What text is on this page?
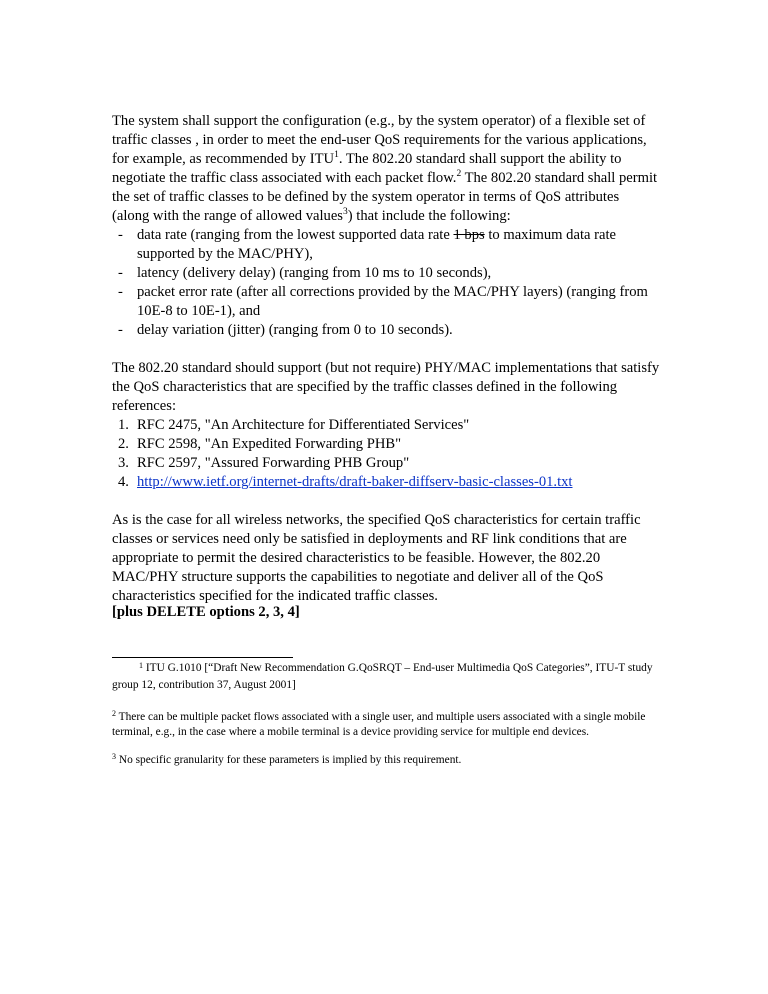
The system shall support the configuration (e.g., by the system operator) of a flexible set of traffic classes , in order to meet the end-user QoS requirements for the various applications, for example, as recommended by ITU$^1$. The 802.20 standard shall support the ability to negotiate the traffic class associated with each packet flow.$^2$ The 802.20 standard shall permit the set of traffic classes to be defined by the system operator in terms of QoS attributes (along with the range of allowed values$^3$) that include the following:

- data rate (ranging from the lowest supported data rate 1 bps to maximum data rate supported by the MAC/PHY),
- latency (delivery delay) (ranging from 10 ms to 10 seconds),
- packet error rate (after all corrections provided by the MAC/PHY layers) (ranging from 10E-8 to 10E-1), and
- delay variation (jitter) (ranging from 0 to 10 seconds).

The 802.20 standard should support (but not require) PHY/MAC implementations that satisfy the QoS characteristics that are specified by the traffic classes defined in the following references:

1. RFC 2475, "An Architecture for Differentiated Services"
2. RFC 2598, "An Expedited Forwarding PHB"
3. RFC 2597, "Assured Forwarding PHB Group"
4. http://www.ietf.org/internet-drafts/draft-baker-diffserv-basic-classes-01.txt

As is the case for all wireless networks, the specified QoS characteristics for certain traffic classes or services need only be satisfied in deployments and RF link conditions that are appropriate to permit the desired characteristics to be feasible. However, the 802.20 MAC/PHY structure supports the capabilities to negotiate and deliver all of the QoS characteristics specified for the indicated traffic classes.

[plus DELETE options 2, 3, 4]

1 ITU G.1010 [“Draft New Recommendation G.QoSRQT – End-user Multimedia QoS Categories”, ITU-T study group 12, contribution 37, August 2001]
$^2$ There can be multiple packet flows associated with a single user, and multiple users associated with a single mobile terminal, e.g., in the case where a mobile terminal is a device providing service for multiple end devices.
$^3$ No specific granularity for these parameters is implied by this requirement.
